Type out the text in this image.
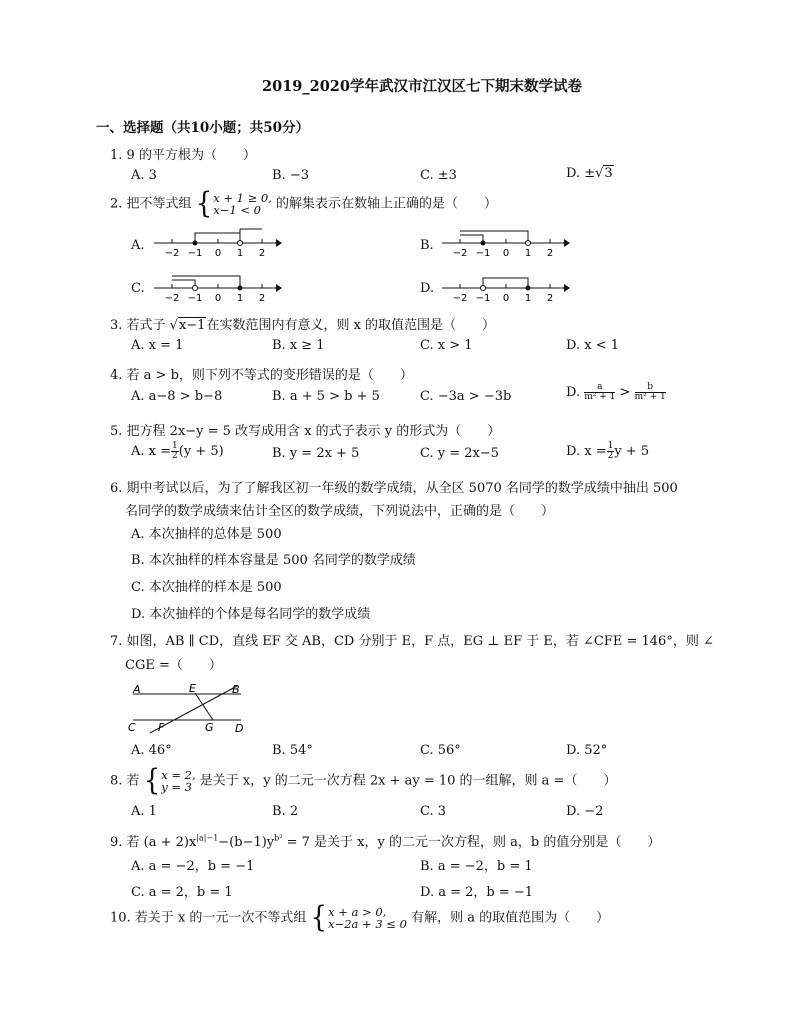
2019_2020学年武汉市江汉区七下期末数学试卷
一、选择题（共10小题；共50分）
1. 9 的平方根为（　　）
A. 3	B. −3	C. ±3	D. ±√3
2. 把不等式组 {x + 1 ≥ 0,
x−1 < 0 的解集表示在数轴上正确的是（　　）
A.	B.
C.	D.
−2 −1 0 1 2	−2 −1 0 1 2
−2 −1 0 1 2	−2 −1 0 1 2
3. 若式子 √x−1在实数范围内有意义，则 x 的取值范围是（　　）
A. x = 1	B. x ≥ 1	C. x > 1	D. x < 1
4. 若 a > b，则下列不等式的变形错误的是（　　）
A. a−8 > b−8	B. a + 5 > b + 5	C. −3a > −3b	D. $\frac{a}{\text{m² + 1}} > \frac{b}{\text{m² + 1}}$
5. 把方程 2x−y = 5 改写成用含 x 的式子表示 y 的形式为（　　）
A. $x = \frac{1}{2} (y + 5)$	B. y = 2x + 5	C. y = 2x−5	D. $x = \frac{1}{2}$ y + 5
6. 期中考试以后，为了了解我区初一年级的数学成绩，从全区 5070 名同学的数学成绩中抽出 500
名同学的数学成绩来估计全区的数学成绩，下列说法中，正确的是（　　）
A. 本次抽样的总体是 500
B. 本次抽样的样本容量是 500 名同学的数学成绩
C. 本次抽样的样本是 500
D. 本次抽样的个体是每名同学的数学成绩
7. 如图，AB ∥ CD，直线 EF 交 AB，CD 分别于 E，F 点，EG ⊥ EF 于 E，若 ∠CFE = 146°，则 ∠
CGE =（　　）
A	B
E
C F	G D
A. 46°	B. 54°	C. 56°	D. 52°
8. 若 {x = 2,
y = 3 是关于 x，y 的二元一次方程 2x + ay = 10 的一组解，则 a =（　　）
A. 1	B. 2	C. 3	D. −2
9. 若 $(a + 2)x^{|a|-1}-(b-1)y^{b^2} = 7$ 是关于 x，y 的二元一次方程，则 a，b 的值分别是（　　）
A. a = −2，b = −1	B. a = −2，b = 1
C. a = 2，b = 1	D. a = 2，b = −1
10. 若关于 x 的一元一次不等式组 {x + a > 0,
x−2a + 3 ≤ 0 有解，则 a 的取值范围为（　　）
